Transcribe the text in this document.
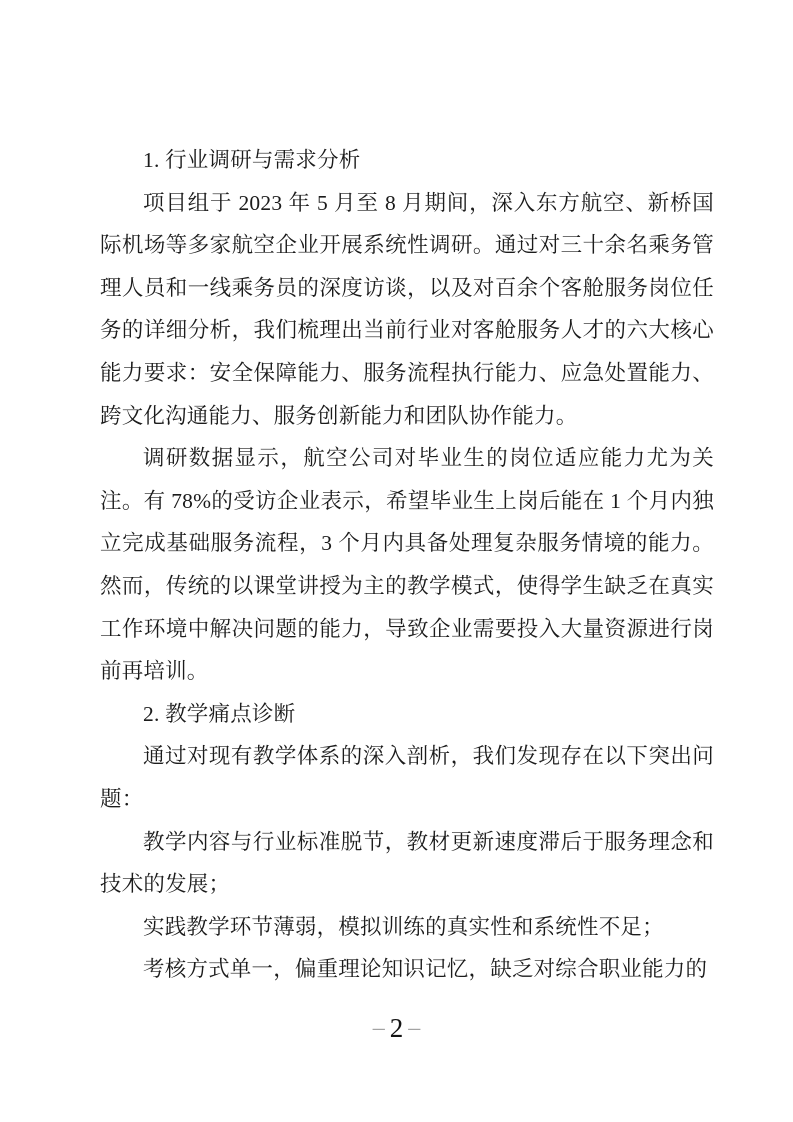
1. 行业调研与需求分析

项目组于 2023 年 5 月至 8 月期间，深入东方航空、新桥国际机场等多家航空企业开展系统性调研。通过对三十余名乘务管理人员和一线乘务员的深度访谈，以及对百余个客舱服务岗位任务的详细分析，我们梳理出当前行业对客舱服务人才的六大核心能力要求：安全保障能力、服务流程执行能力、应急处置能力、跨文化沟通能力、服务创新能力和团队协作能力。

调研数据显示，航空公司对毕业生的岗位适应能力尤为关注。有 78%的受访企业表示，希望毕业生上岗后能在 1 个月内独立完成基础服务流程，3 个月内具备处理复杂服务情境的能力。然而，传统的以课堂讲授为主的教学模式，使得学生缺乏在真实工作环境中解决问题的能力，导致企业需要投入大量资源进行岗前再培训。

2. 教学痛点诊断

通过对现有教学体系的深入剖析，我们发现存在以下突出问题：

教学内容与行业标准脱节，教材更新速度滞后于服务理念和技术的发展；

实践教学环节薄弱，模拟训练的真实性和系统性不足；

考核方式单一，偏重理论知识记忆，缺乏对综合职业能力的

– 2 –
